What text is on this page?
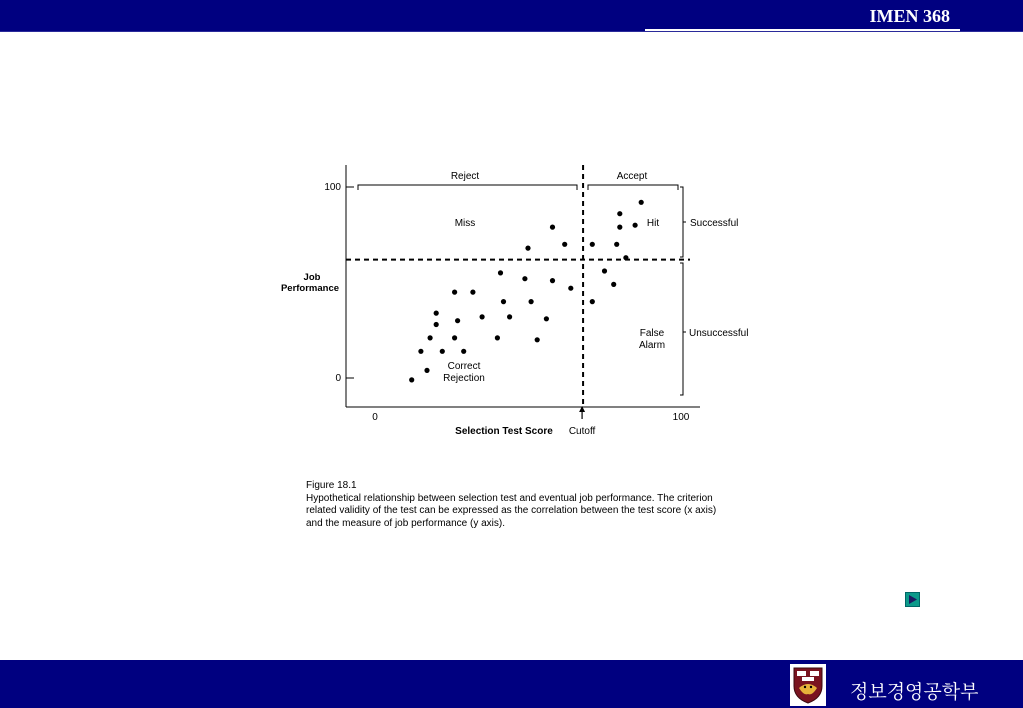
IMEN 368
100
0
0	100
Job
Performance
Selection Test Score Cutoff
Reject	Accept
Successful
Unsuccessful
Miss	Hit
False
Alarm
Correct
Rejection
Figure 18.1
Hypothetical relationship between selection test and eventual job performance. The criterion
related validity of the test can be expressed as the correlation between the test score (x axis)
and the measure of job performance (y axis).
정보경영공학부
